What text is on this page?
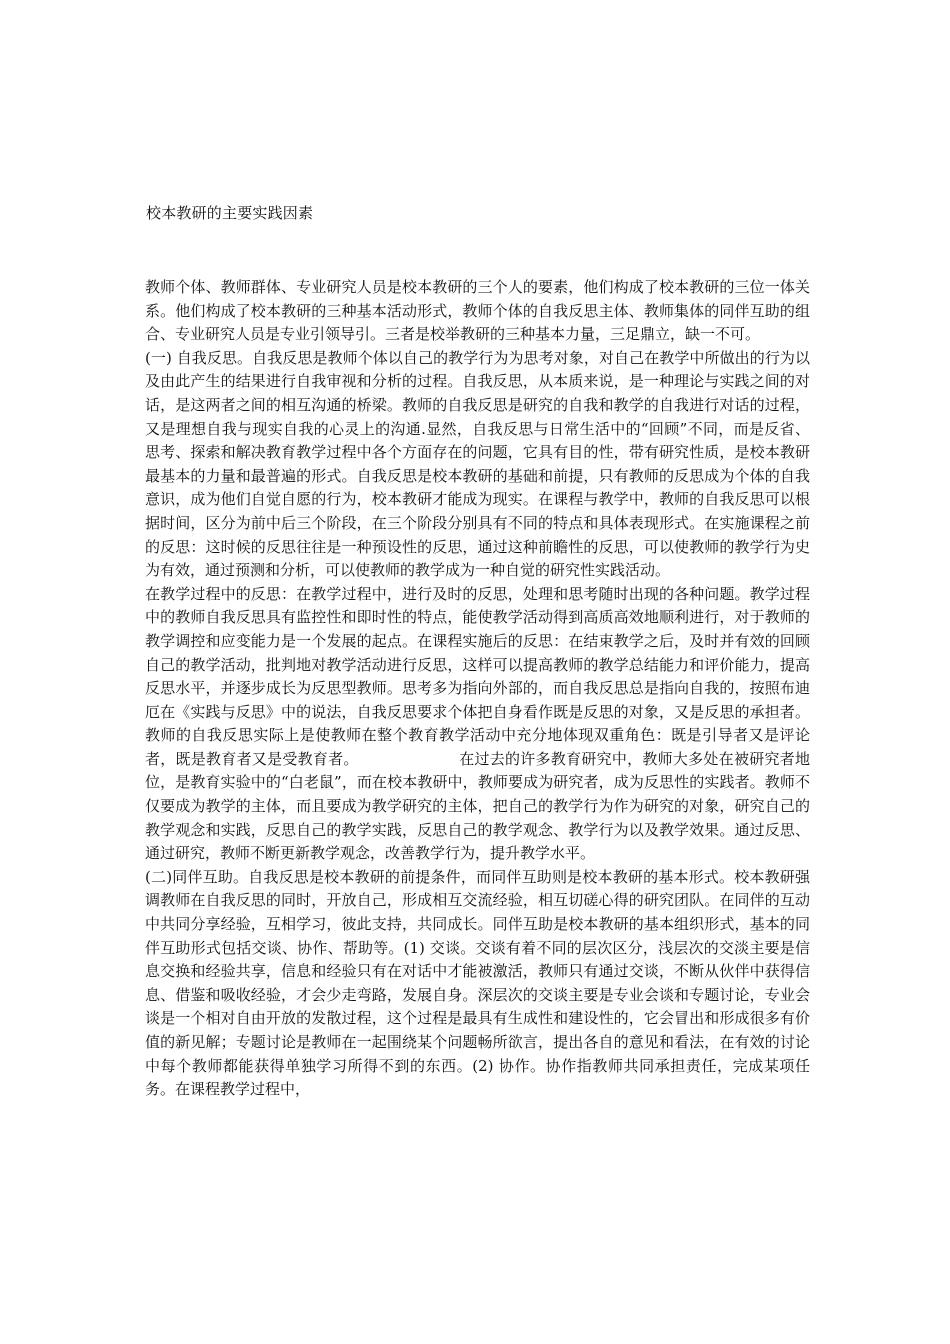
校本教研的主要实践因素

教师个体、教师群体、专业研究人员是校本教研的三个人的要素，他们构成了校本教研的三位一体关系。他们构成了校本教研的三种基本活动形式，教师个体的自我反思主体、教师集体的同伴互助的组合、专业研究人员是专业引领导引。三者是校举教研的三种基本力量，三足鼎立，缺一不可。

(一) 自我反思。自我反思是教师个体以自己的教学行为为思考对象，对自己在教学中所做出的行为以及由此产生的结果进行自我审视和分析的过程。自我反思，从本质来说，是一种理论与实践之间的对话，是这两者之间的相互沟通的桥梁。教师的自我反思是研究的自我和教学的自我进行对话的过程，又是理想自我与现实自我的心灵上的沟通.显然，自我反思与日常生活中的“回顾”不同，而是反省、思考、探索和解决教育教学过程中各个方面存在的问题，它具有目的性，带有研究性质，是校本教研最基本的力量和最普遍的形式。自我反思是校本教研的基础和前提，只有教师的反思成为个体的自我意识，成为他们自觉自愿的行为，校本教研才能成为现实。在课程与教学中，教师的自我反思可以根据时间，区分为前中后三个阶段，在三个阶段分别具有不同的特点和具体表现形式。在实施课程之前的反思：这时候的反思往往是一种预设性的反思，通过这种前瞻性的反思，可以使教师的教学行为史为有效，通过预测和分析，可以使教师的教学成为一种自觉的研究性实践活动。

在教学过程中的反思：在教学过程中，进行及时的反思，处理和思考随时出现的各种问题。教学过程中的教师自我反思具有监控性和即时性的特点，能使教学活动得到高质高效地顺利进行，对于教师的教学调控和应变能力是一个发展的起点。在课程实施后的反思：在结束教学之后，及时并有效的回顾自己的教学活动，批判地对教学活动进行反思，这样可以提高教师的教学总结能力和评价能力，提高反思水平，并逐步成长为反思型教师。思考多为指向外部的，而自我反思总是指向自我的，按照布迪厄在《实践与反思》中的说法，自我反思要求个体把自身看作既是反思的对象，又是反思的承担者。教师的自我反思实际上是使教师在整个教育教学活动中充分地体现双重角色：既是引导者又是评论者，既是教育者又是受教育者。                    在过去的许多教育研究中，教师大多处在被研究者地位，是教育实验中的“白老鼠”，而在校本教研中，教师要成为研究者，成为反思性的实践者。教师不仅要成为教学的主体，而且要成为教学研究的主体，把自己的教学行为作为研究的对象，研究自己的教学观念和实践，反思自己的教学实践，反思自己的教学观念、教学行为以及教学效果。通过反思、通过研究，教师不断更新教学观念，改善教学行为，提升教学水平。

(二)同伴互助。自我反思是校本教研的前提条件，而同伴互助则是校本教研的基本形式。校本教研强调教师在自我反思的同时，开放自己，形成相互交流经验，相互切磋心得的研究团队。在同伴的互动中共同分享经验，互相学习，彼此支持，共同成长。同伴互助是校本教研的基本组织形式，基本的同伴互助形式包括交谈、协作、帮助等。(1) 交谈。交谈有着不同的层次区分，浅层次的交淡主要是信息交换和经验共享，信息和经验只有在对话中才能被激活，教师只有通过交谈，不断从伙伴中获得信息、借鉴和吸收经验，才会少走弯路，发展自身。深层次的交谈主要是专业会谈和专题讨论，专业会谈是一个相对自由开放的发散过程，这个过程是最具有生成性和建设性的，它会冒出和形成很多有价值的新见解；专题讨论是教师在一起围绕某个问题畅所欲言，提出各自的意见和看法，在有效的讨论中每个教师都能获得单独学习所得不到的东西。(2) 协作。协作指教师共同承担责任，完成某项任务。在课程教学过程中，
